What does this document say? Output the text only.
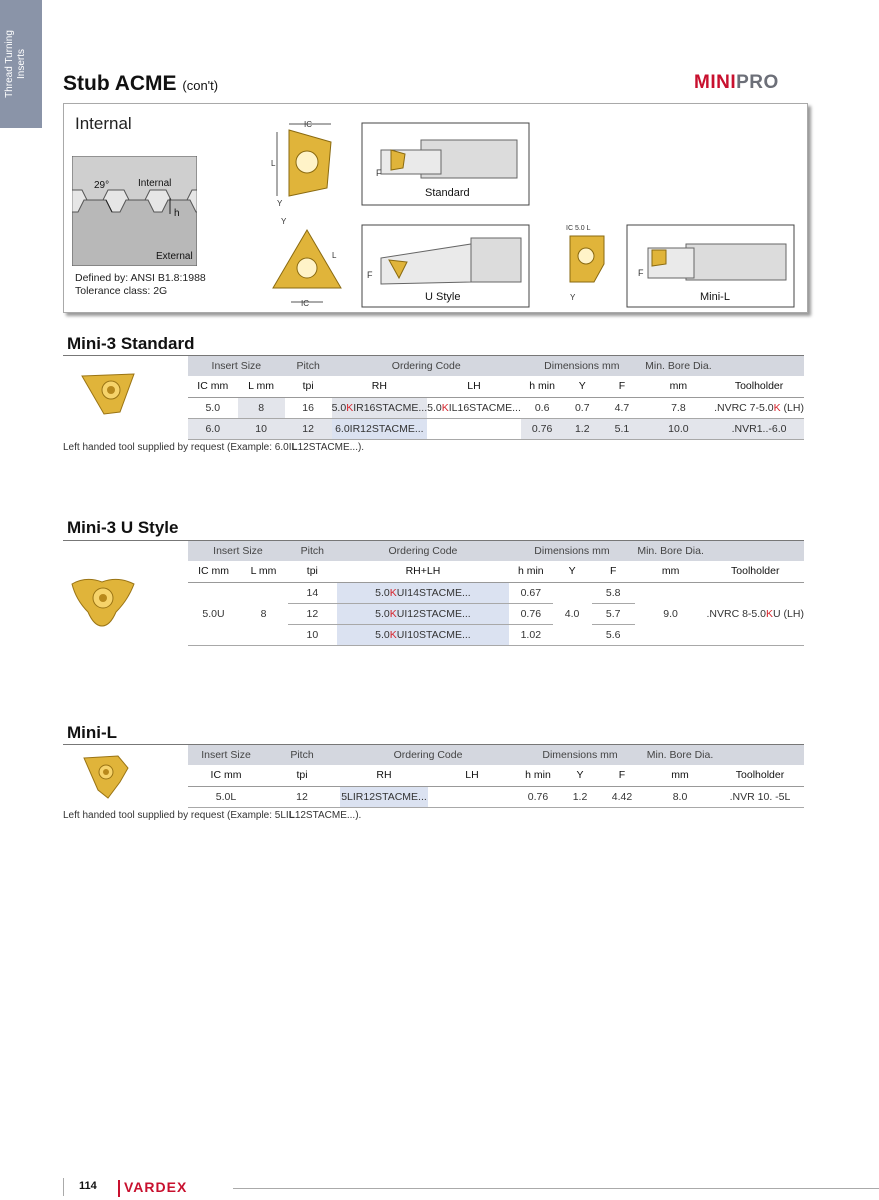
Thread Turning Inserts
Stub ACME (con't)	MINIPRO
Internal
29°	Internal
h
External
Defined by: ANSI B1.8:1988
Tolerance class: 2G
IC
L
Y
F
Standard
Y
L
IC
F
U Style
IC 5.0 L
Y
F
Mini-L
Mini-3 Standard
Insert Size		Pitch	Ordering Code		Dimensions mm			Min. Bore Dia.	
IC mm	L mm	tpi	RH	LH	h min	Y	F	mm	Toolholder
5.0	8	16	5.0KIR16STACME...	5.0KIL16STACME...	0.6	0.7	4.7	7.8	.NVRC 7-5.0K (LH)
6.0	10	12	6.0IR12STACME...		0.76	1.2	5.1	10.0	.NVR1..-6.0
Left handed tool supplied by request (Example: 6.0IL12STACME...).
Mini-3 U Style
Insert Size		Pitch	Ordering Code	Dimensions mm			Min. Bore Dia.	
IC mm	L mm	tpi	RH+LH	h min	Y	F	mm	Toolholder
5.0U	8	14	5.0KUI14STACME...	0.67	4.0	5.8	9.0	.NVRC 8-5.0KU (LH)
		12	5.0KUI12STACME...	0.76		5.7		
		10	5.0KUI10STACME...	1.02		5.6		
Mini-L
Insert Size	Pitch	Ordering Code		Dimensions mm			Min. Bore Dia.	
IC mm	tpi	RH	LH	h min	Y	F	mm	Toolholder
5.0L	12	5LIR12STACME...		0.76	1.2	4.42	8.0	.NVR 10. -5L
Left handed tool supplied by request (Example: 5LIL12STACME...).
114 VARDEX
